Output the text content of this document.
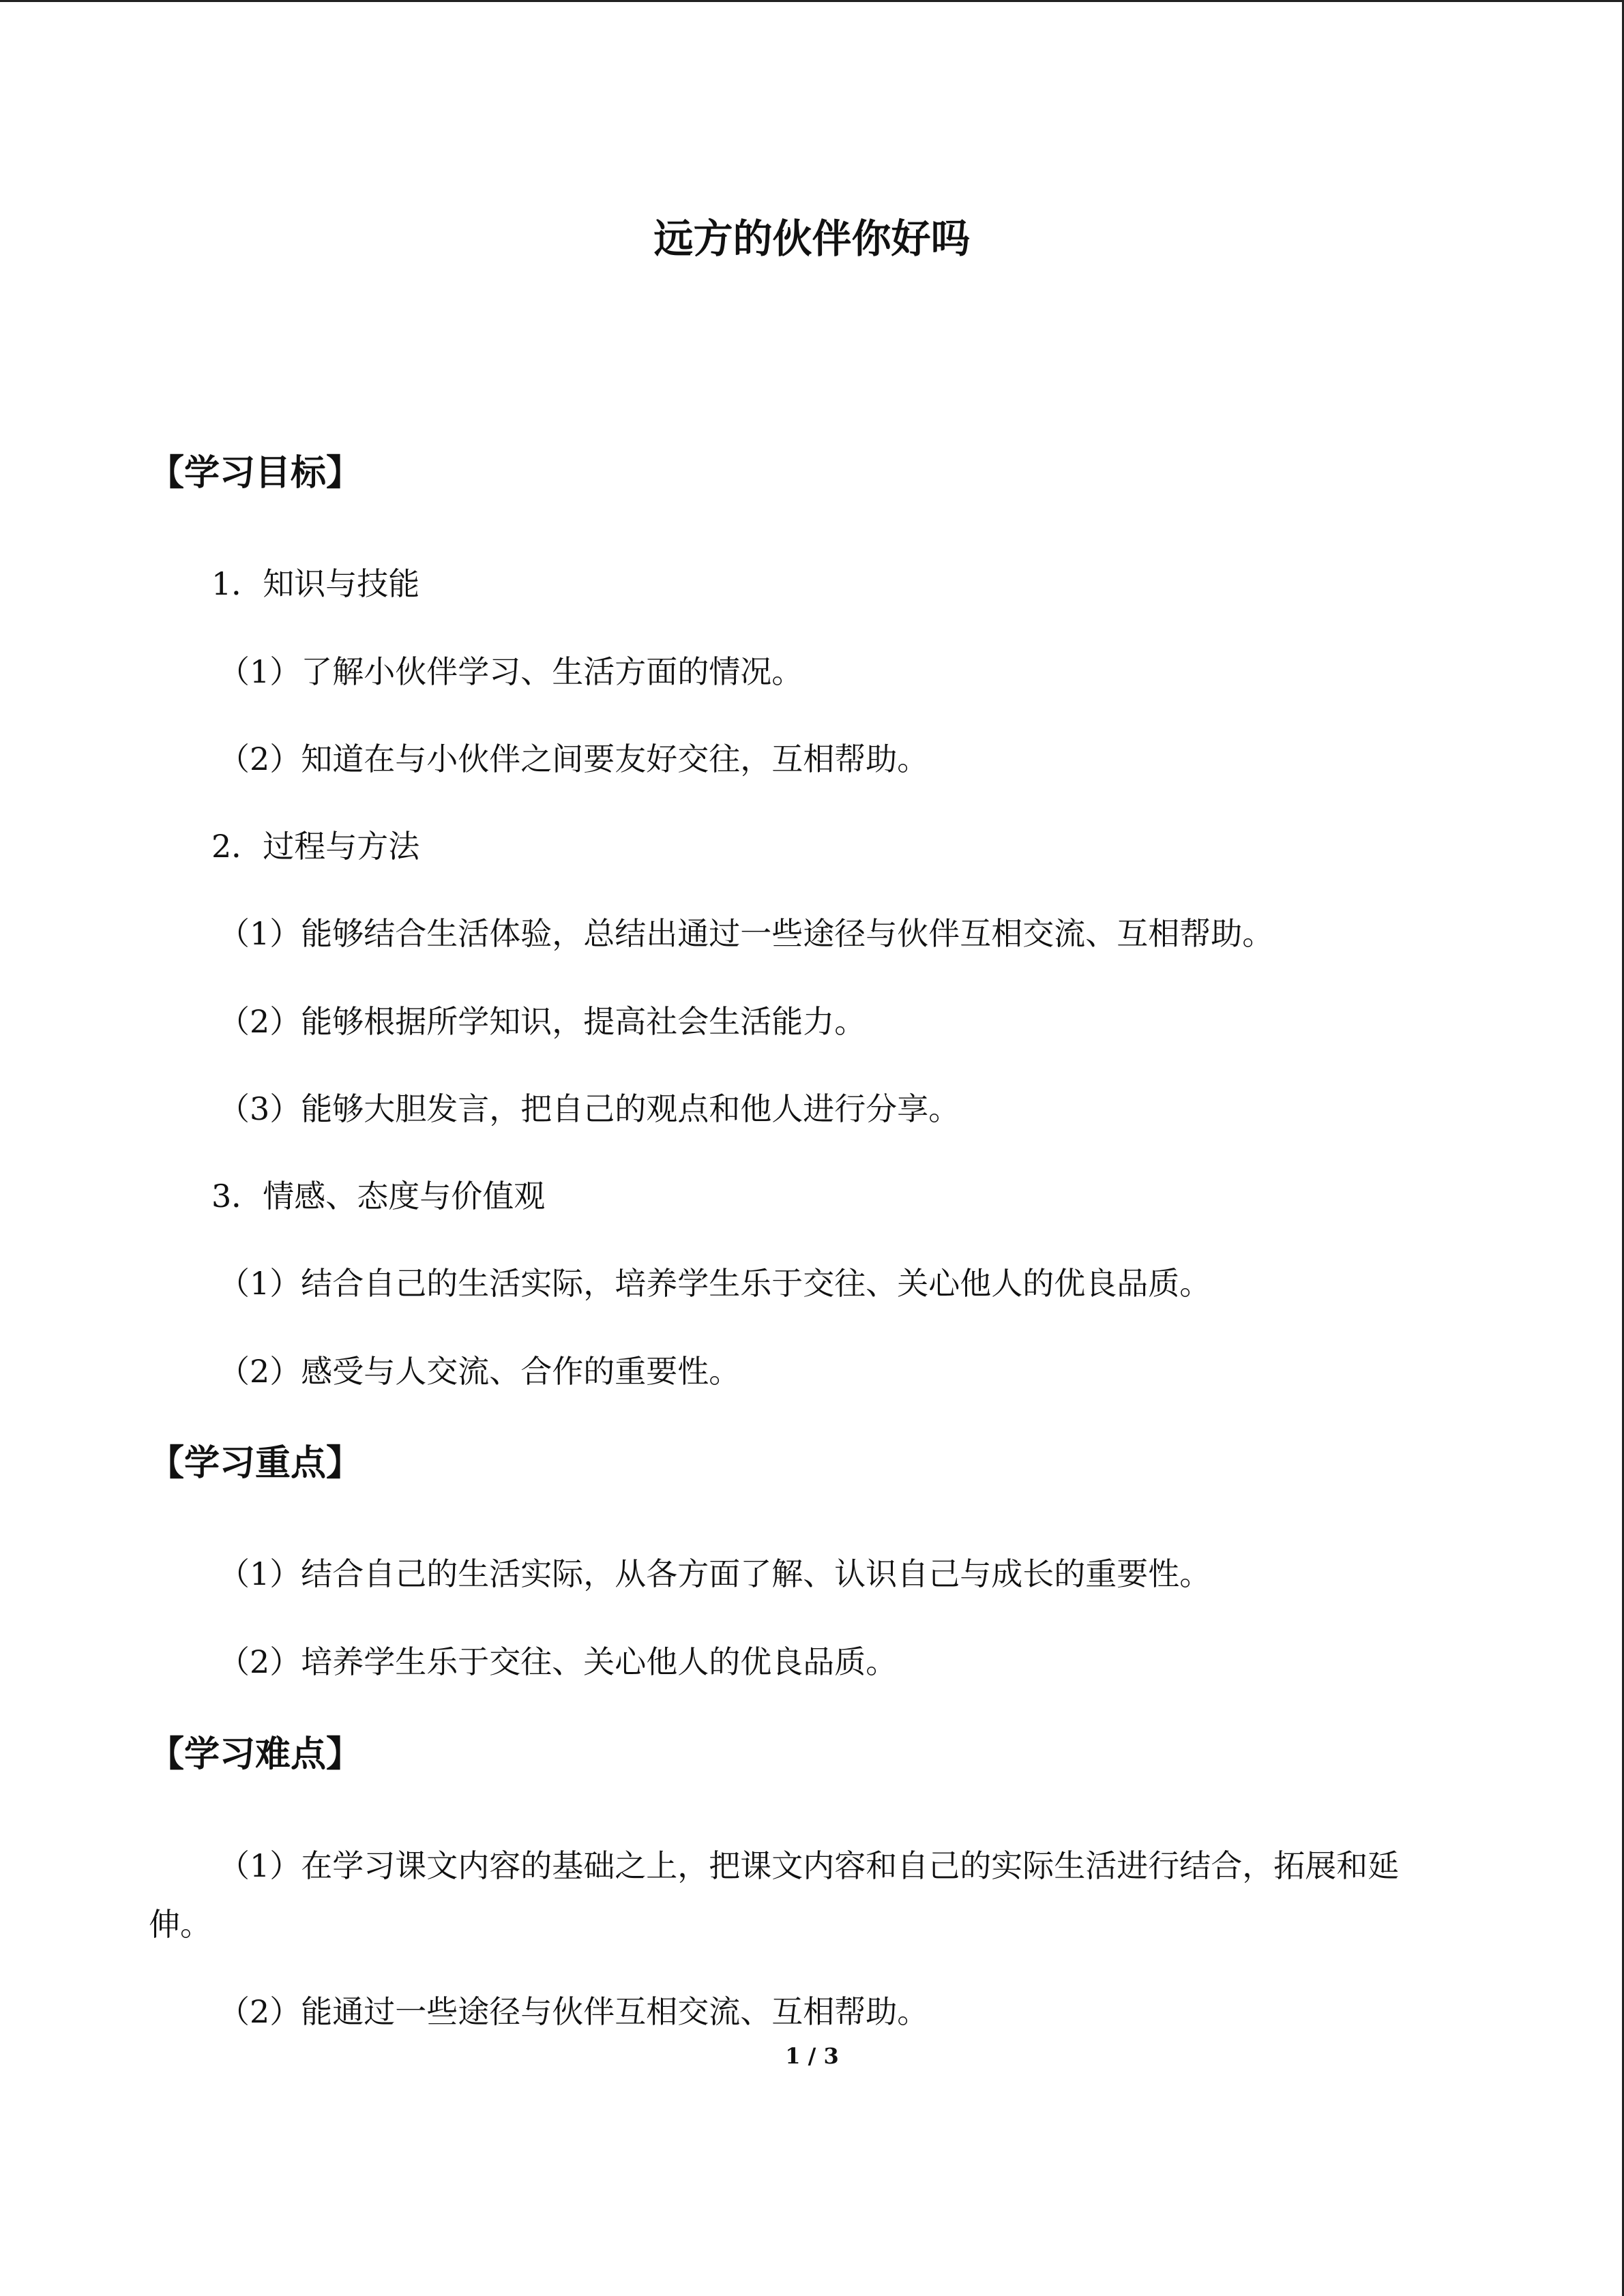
远方的伙伴你好吗
【学习目标】
1．知识与技能
（1）了解小伙伴学习、生活方面的情况。
（2）知道在与小伙伴之间要友好交往，互相帮助。
2．过程与方法
（1）能够结合生活体验，总结出通过一些途径与伙伴互相交流、互相帮助。
（2）能够根据所学知识，提高社会生活能力。
（3）能够大胆发言，把自己的观点和他人进行分享。
3．情感、态度与价值观
（1）结合自己的生活实际，培养学生乐于交往、关心他人的优良品质。
（2）感受与人交流、合作的重要性。
【学习重点】
（1）结合自己的生活实际，从各方面了解、认识自己与成长的重要性。
（2）培养学生乐于交往、关心他人的优良品质。
【学习难点】
（1）在学习课文内容的基础之上，把课文内容和自己的实际生活进行结合，拓展和延
伸。
（2）能通过一些途径与伙伴互相交流、互相帮助。
1 / 3
